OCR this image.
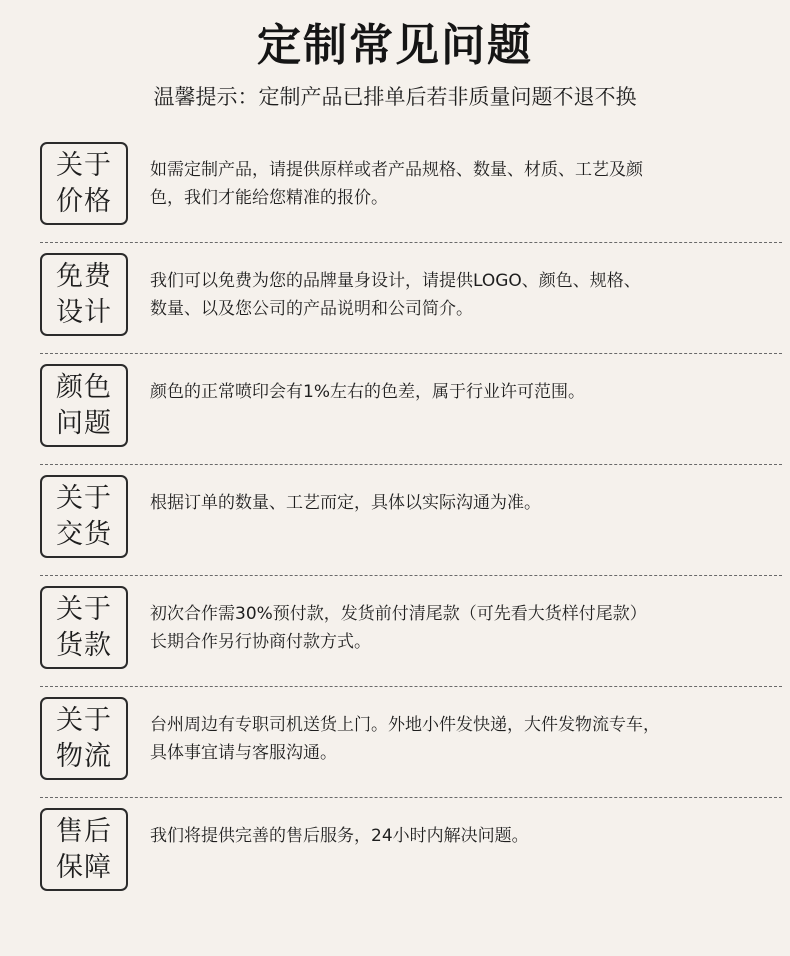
定制常见问题
温馨提示：定制产品已排单后若非质量问题不退不换
关于
价格
如需定制产品，请提供原样或者产品规格、数量、材质、工艺及颜
色，我们才能给您精准的报价。
免费
设计
我们可以免费为您的品牌量身设计，请提供LOGO、颜色、规格、
数量、以及您公司的产品说明和公司简介。
颜色
问题
颜色的正常喷印会有1%左右的色差，属于行业许可范围。
关于
交货
根据订单的数量、工艺而定，具体以实际沟通为准。
关于
货款
初次合作需30%预付款，发货前付清尾款（可先看大货样付尾款）
长期合作另行协商付款方式。
关于
物流
台州周边有专职司机送货上门。外地小件发快递，大件发物流专车，
具体事宜请与客服沟通。
售后
保障
我们将提供完善的售后服务，24小时内解决问题。
